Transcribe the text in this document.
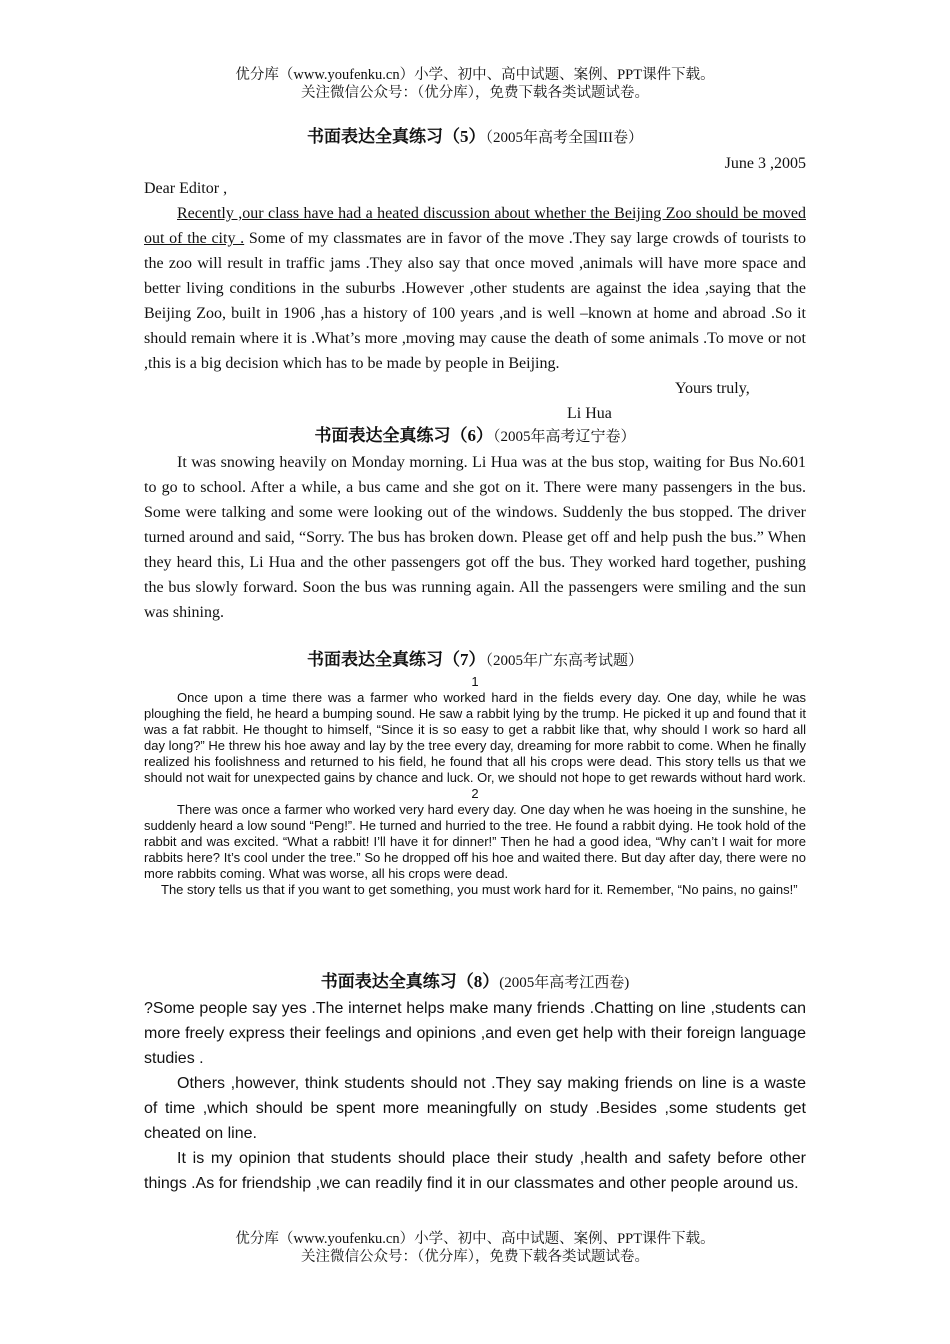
优分库（www.youfenku.cn）小学、初中、高中试题、案例、PPT课件下载。
关注微信公众号：（优分库），免费下载各类试题试卷。
书面表达全真练习（5）（2005年高考全国III卷）

June 3 ,2005

Dear Editor ,

Recently ,our class have had a heated discussion about whether the Beijing Zoo should be moved out of the city . Some of my classmates are in favor of the move .They say large crowds of tourists to the zoo will result in traffic jams .They also say that once moved ,animals will have more space and better living conditions in the suburbs .However ,other students are against the idea ,saying that the Beijing Zoo, built in 1906 ,has a history of 100 years ,and is well –known at home and abroad .So it should remain where it is .What’s more ,moving may cause the death of some animals .To move or not ,this is a big decision which has to be made by people in Beijing.

Yours truly,

Li Hua

书面表达全真练习（6）（2005年高考辽宁卷）

It was snowing heavily on Monday morning. Li Hua was at the bus stop, waiting for Bus No.601 to go to school. After a while, a bus came and she got on it. There were many passengers in the bus. Some were talking and some were looking out of the windows. Suddenly the bus stopped. The driver turned around and said, “Sorry. The bus has broken down. Please get off and help push the bus.” When they heard this, Li Hua and the other passengers got off the bus. They worked hard together, pushing the bus slowly forward. Soon the bus was running again. All the passengers were smiling and the sun was shining.

书面表达全真练习（7）（2005年广东高考试题）

1

Once upon a time there was a farmer who worked hard in the fields every day. One day, while he was ploughing the field, he heard a bumping sound. He saw a rabbit lying by the trump. He picked it up and found that it was a fat rabbit. He thought to himself, “Since it is so easy to get a rabbit like that, why should I work so hard all day long?” He threw his hoe away and lay by the tree every day, dreaming for more rabbit to come. When he finally realized his foolishness and returned to his field, he found that all his crops were dead. This story tells us that we should not wait for unexpected gains by chance and luck. Or, we should not hope to get rewards without hard work.

2

There was once a farmer who worked very hard every day. One day when he was hoeing in the sunshine, he suddenly heard a low sound “Peng!”. He turned and hurried to the tree. He found a rabbit dying. He took hold of the rabbit and was excited. “What a rabbit! I’ll have it for dinner!” Then he had a good idea, “Why can’t I wait for more rabbits here? It’s cool under the tree.” So he dropped off his hoe and waited there. But day after day, there were no more rabbits coming. What was worse, all his crops were dead.

The story tells us that if you want to get something, you must work hard for it. Remember, “No pains, no gains!”

书面表达全真练习（8）(2005年高考江西卷)

?Some people say yes .The internet helps make many friends .Chatting on line ,students can more freely express their feelings and opinions ,and even get help with their foreign language studies .

Others ,however, think students should not .They say making friends on line is a waste of time ,which should be spent more meaningfully on study .Besides ,some students get cheated on line.

It is my opinion that students should place their study ,health and safety before other things .As for friendship ,we can readily find it in our classmates and other people around us.

优分库（www.youfenku.cn）小学、初中、高中试题、案例、PPT课件下载。
关注微信公众号：（优分库），免费下载各类试题试卷。
